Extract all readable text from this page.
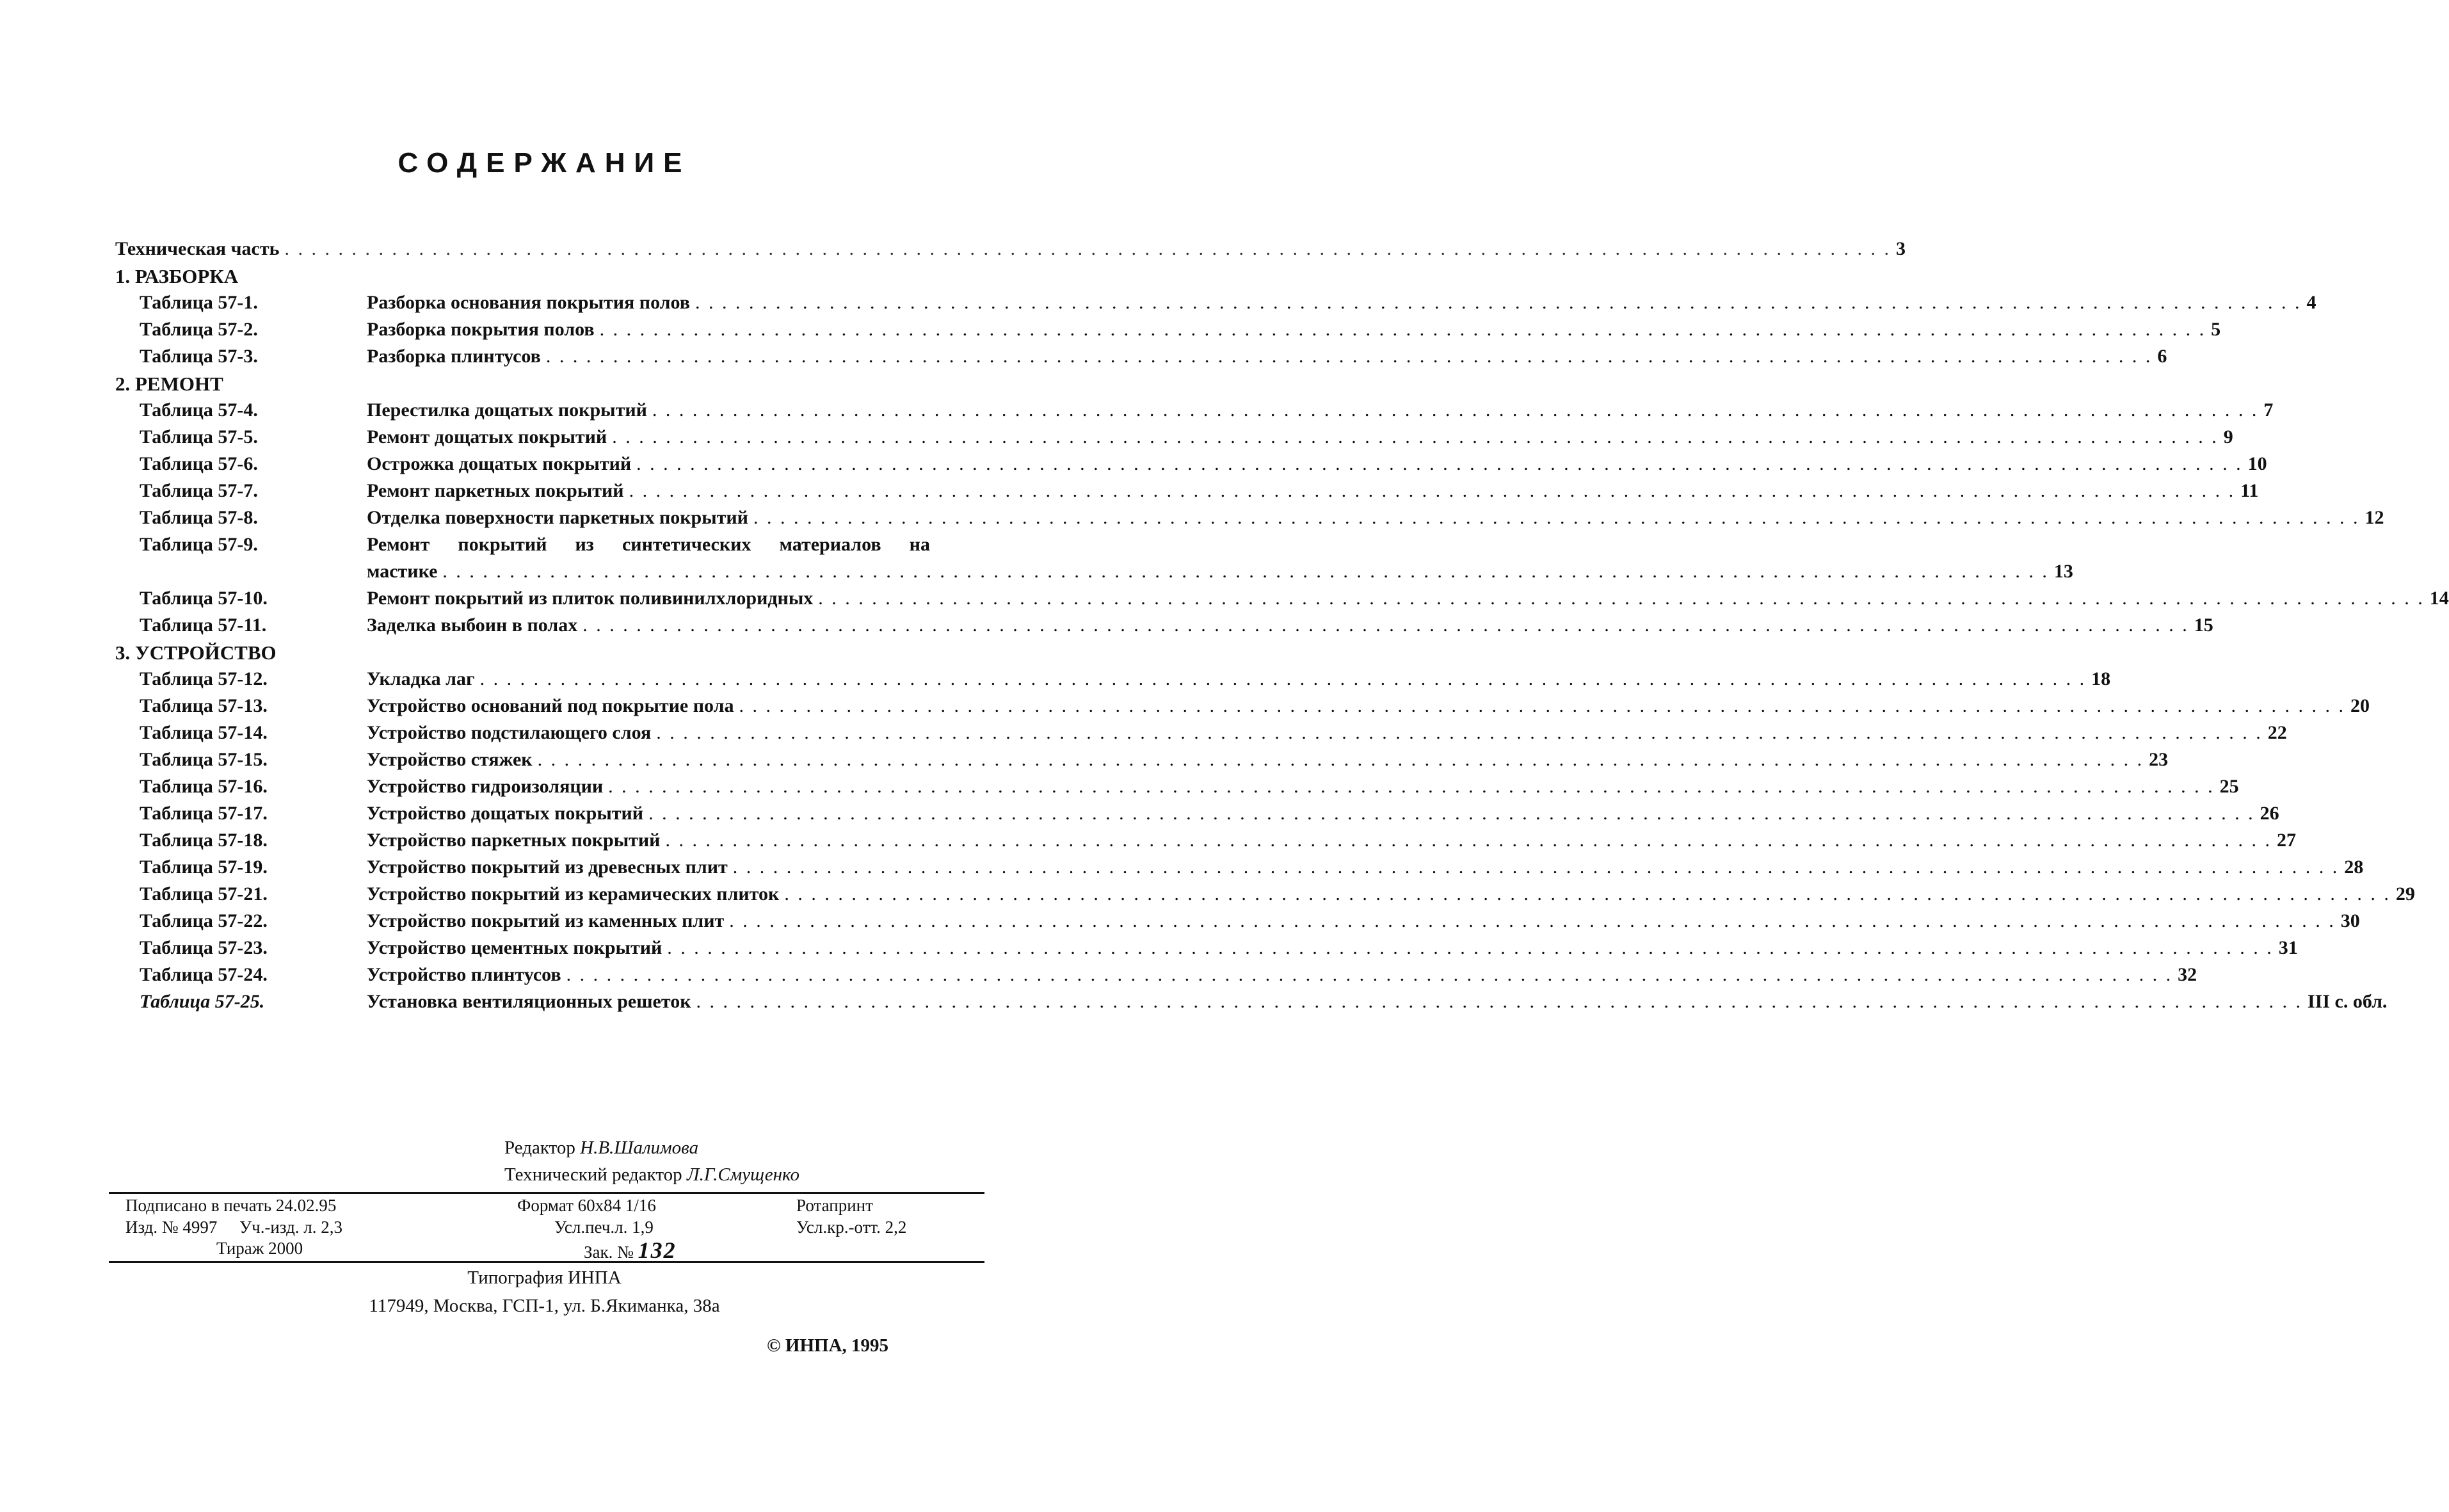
СОДЕРЖАНИЕ
Техническая часть . . . . . . . . . . . . . . . . . . . . . . . . . . . . . . . . . . . . . . . . . . . . . . . . . . . . . . . . . . . . . . . . . . . . . . . . . . . . . . . . . . . . . . . . . . . . . . . . . . . . . . . . . . . . . . . . . . . . . . . . 3
1. РАЗБОРКА
Таблица 57-1.	Разборка основания покрытия полов . . . . . . . . . . . . . . . . . . . . . . . . . . . . . . . . . . . . . . . . . . . . . . . . . . . . . . . . . . . . . . . . . . . . . . . . . . . . . . . . . . . . . . . . . . . . . . . . . . . . . . . . . . . . . . . . . . . . . . . . 4
Таблица 57-2.	Разборка покрытия полов . . . . . . . . . . . . . . . . . . . . . . . . . . . . . . . . . . . . . . . . . . . . . . . . . . . . . . . . . . . . . . . . . . . . . . . . . . . . . . . . . . . . . . . . . . . . . . . . . . . . . . . . . . . . . . . . . . . . . . . . 5
Таблица 57-3.	Разборка плинтусов . . . . . . . . . . . . . . . . . . . . . . . . . . . . . . . . . . . . . . . . . . . . . . . . . . . . . . . . . . . . . . . . . . . . . . . . . . . . . . . . . . . . . . . . . . . . . . . . . . . . . . . . . . . . . . . . . . . . . . . . 6
2. РЕМОНТ
Таблица 57-4.	Перестилка дощатых покрытий . . . . . . . . . . . . . . . . . . . . . . . . . . . . . . . . . . . . . . . . . . . . . . . . . . . . . . . . . . . . . . . . . . . . . . . . . . . . . . . . . . . . . . . . . . . . . . . . . . . . . . . . . . . . . . . . . . . . . . . . 7
Таблица 57-5.	Ремонт дощатых покрытий . . . . . . . . . . . . . . . . . . . . . . . . . . . . . . . . . . . . . . . . . . . . . . . . . . . . . . . . . . . . . . . . . . . . . . . . . . . . . . . . . . . . . . . . . . . . . . . . . . . . . . . . . . . . . . . . . . . . . . . . 9
Таблица 57-6.	Острожка дощатых покрытий . . . . . . . . . . . . . . . . . . . . . . . . . . . . . . . . . . . . . . . . . . . . . . . . . . . . . . . . . . . . . . . . . . . . . . . . . . . . . . . . . . . . . . . . . . . . . . . . . . . . . . . . . . . . . . . . . . . . . . . . 10
Таблица 57-7.	Ремонт паркетных покрытий . . . . . . . . . . . . . . . . . . . . . . . . . . . . . . . . . . . . . . . . . . . . . . . . . . . . . . . . . . . . . . . . . . . . . . . . . . . . . . . . . . . . . . . . . . . . . . . . . . . . . . . . . . . . . . . . . . . . . . . . 11
Таблица 57-8.	Отделка поверхности паркетных покрытий . . . . . . . . . . . . . . . . . . . . . . . . . . . . . . . . . . . . . . . . . . . . . . . . . . . . . . . . . . . . . . . . . . . . . . . . . . . . . . . . . . . . . . . . . . . . . . . . . . . . . . . . . . . . . . . . . . . . . . . . 12
Таблица 57-9.	Ремонт покрытий из синтетических материалов на
мастике . . . . . . . . . . . . . . . . . . . . . . . . . . . . . . . . . . . . . . . . . . . . . . . . . . . . . . . . . . . . . . . . . . . . . . . . . . . . . . . . . . . . . . . . . . . . . . . . . . . . . . . . . . . . . . . . . . . . . . . . 13
Таблица 57-10.	Ремонт покрытий из плиток поливинилхлоридных . . . . . . . . . . . . . . . . . . . . . . . . . . . . . . . . . . . . . . . . . . . . . . . . . . . . . . . . . . . . . . . . . . . . . . . . . . . . . . . . . . . . . . . . . . . . . . . . . . . . . . . . . . . . . . . . . . . . . . . . 14
Таблица 57-11.	Заделка выбоин в полах . . . . . . . . . . . . . . . . . . . . . . . . . . . . . . . . . . . . . . . . . . . . . . . . . . . . . . . . . . . . . . . . . . . . . . . . . . . . . . . . . . . . . . . . . . . . . . . . . . . . . . . . . . . . . . . . . . . . . . . . 15
3. УСТРОЙСТВО
Таблица 57-12.	Укладка лаг . . . . . . . . . . . . . . . . . . . . . . . . . . . . . . . . . . . . . . . . . . . . . . . . . . . . . . . . . . . . . . . . . . . . . . . . . . . . . . . . . . . . . . . . . . . . . . . . . . . . . . . . . . . . . . . . . . . . . . . . 18
Таблица 57-13.	Устройство оснований под покрытие пола . . . . . . . . . . . . . . . . . . . . . . . . . . . . . . . . . . . . . . . . . . . . . . . . . . . . . . . . . . . . . . . . . . . . . . . . . . . . . . . . . . . . . . . . . . . . . . . . . . . . . . . . . . . . . . . . . . . . . . . . 20
Таблица 57-14.	Устройство подстилающего слоя . . . . . . . . . . . . . . . . . . . . . . . . . . . . . . . . . . . . . . . . . . . . . . . . . . . . . . . . . . . . . . . . . . . . . . . . . . . . . . . . . . . . . . . . . . . . . . . . . . . . . . . . . . . . . . . . . . . . . . . . 22
Таблица 57-15.	Устройство стяжек . . . . . . . . . . . . . . . . . . . . . . . . . . . . . . . . . . . . . . . . . . . . . . . . . . . . . . . . . . . . . . . . . . . . . . . . . . . . . . . . . . . . . . . . . . . . . . . . . . . . . . . . . . . . . . . . . . . . . . . . 23
Таблица 57-16.	Устройство гидроизоляции . . . . . . . . . . . . . . . . . . . . . . . . . . . . . . . . . . . . . . . . . . . . . . . . . . . . . . . . . . . . . . . . . . . . . . . . . . . . . . . . . . . . . . . . . . . . . . . . . . . . . . . . . . . . . . . . . . . . . . . . 25
Таблица 57-17.	Устройство дощатых покрытий . . . . . . . . . . . . . . . . . . . . . . . . . . . . . . . . . . . . . . . . . . . . . . . . . . . . . . . . . . . . . . . . . . . . . . . . . . . . . . . . . . . . . . . . . . . . . . . . . . . . . . . . . . . . . . . . . . . . . . . . 26
Таблица 57-18.	Устройство паркетных покрытий . . . . . . . . . . . . . . . . . . . . . . . . . . . . . . . . . . . . . . . . . . . . . . . . . . . . . . . . . . . . . . . . . . . . . . . . . . . . . . . . . . . . . . . . . . . . . . . . . . . . . . . . . . . . . . . . . . . . . . . . 27
Таблица 57-19.	Устройство покрытий из древесных плит . . . . . . . . . . . . . . . . . . . . . . . . . . . . . . . . . . . . . . . . . . . . . . . . . . . . . . . . . . . . . . . . . . . . . . . . . . . . . . . . . . . . . . . . . . . . . . . . . . . . . . . . . . . . . . . . . . . . . . . . 28
Таблица 57-21.	Устройство покрытий из керамических плиток . . . . . . . . . . . . . . . . . . . . . . . . . . . . . . . . . . . . . . . . . . . . . . . . . . . . . . . . . . . . . . . . . . . . . . . . . . . . . . . . . . . . . . . . . . . . . . . . . . . . . . . . . . . . . . . . . . . . . . . . 29
Таблица 57-22.	Устройство покрытий из каменных плит . . . . . . . . . . . . . . . . . . . . . . . . . . . . . . . . . . . . . . . . . . . . . . . . . . . . . . . . . . . . . . . . . . . . . . . . . . . . . . . . . . . . . . . . . . . . . . . . . . . . . . . . . . . . . . . . . . . . . . . . 30
Таблица 57-23.	Устройство цементных покрытий . . . . . . . . . . . . . . . . . . . . . . . . . . . . . . . . . . . . . . . . . . . . . . . . . . . . . . . . . . . . . . . . . . . . . . . . . . . . . . . . . . . . . . . . . . . . . . . . . . . . . . . . . . . . . . . . . . . . . . . . 31
Таблица 57-24.	Устройство плинтусов . . . . . . . . . . . . . . . . . . . . . . . . . . . . . . . . . . . . . . . . . . . . . . . . . . . . . . . . . . . . . . . . . . . . . . . . . . . . . . . . . . . . . . . . . . . . . . . . . . . . . . . . . . . . . . . . . . . . . . . . 32
Таблица 57-25.	Установка вентиляционных решеток . . . . . . . . . . . . . . . . . . . . . . . . . . . . . . . . . . . . . . . . . . . . . . . . . . . . . . . . . . . . . . . . . . . . . . . . . . . . . . . . . . . . . . . . . . . . . . . . . . . . . . . . . . . . . . . . . . . . . . . . III с. обл.
Редактор Н.В.Шалимова
Технический редактор Л.Г.Смущенко
Подписано в печать 24.02.95	Формат 60х84 1/16	Ротапринт
Изд. № 4997 Уч.-изд. л. 2,3	Усл.печ.л. 1,9	Усл.кр.-отт. 2,2
Тираж 2000	Зак. № 132
Типография ИНПА
117949, Москва, ГСП-1, ул. Б.Якиманка, 38а
© ИНПА, 1995
